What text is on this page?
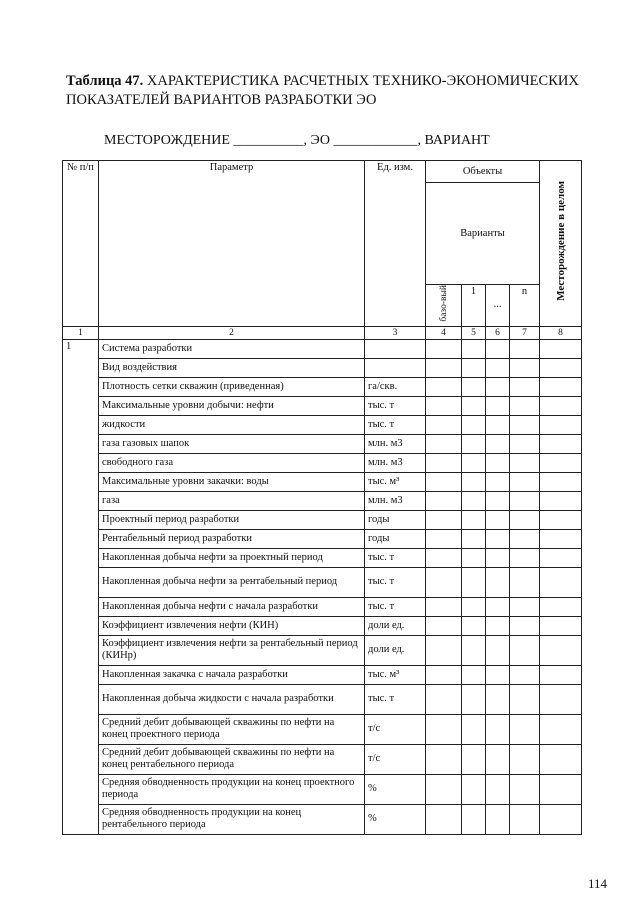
Таблица 47. ХАРАКТЕРИСТИКА РАСЧЕТНЫХ ТЕХНИКО-ЭКОНОМИЧЕСКИХ ПОКАЗАТЕЛЕЙ ВАРИАНТОВ РАЗРАБОТКИ ЭО
МЕСТОРОЖДЕНИЕ __________, ЭО ____________, ВАРИАНТ
№ п/п	Параметр	Ед. изм.	Объекты				Месторождение в целом
			Варианты				
			базо-вый	1	...	n	
1	2	3	4	5	6	7	8
1	Система разработки						
	Вид воздействия						
	Плотность сетки скважин (приведенная)	га/скв.					
	Максимальные уровни добычи: нефти	тыс. т					
	жидкости	тыс. т					
	газа газовых шапок	млн. м3					
	свободного газа	млн. м3					
	Максимальные уровни закачки: воды	тыс. м³					
	газа	млн. м3					
	Проектный период разработки	годы					
	Рентабельный период разработки	годы					
	Накопленная добыча нефти за проектный период	тыс. т					
	Накопленная добыча нефти за рентабельный период	тыс. т					
	Накопленная добыча нефти с начала разработки	тыс. т					
	Коэффициент извлечения нефти (КИН)	доли ед.					
	Коэффициент извлечения нефти за рентабельный период (КИНр)	доли ед.					
	Накопленная закачка с начала разработки	тыс. м³					
	Накопленная добыча жидкости с начала разработки	тыс. т					
	Средний дебит добывающей скважины по нефти на конец проектного периода	т/с					
	Средний дебит добывающей скважины по нефти на конец рентабельного периода	т/с					
	Средняя обводненность продукции на конец проектного периода	%					
	Средняя обводненность продукции на конец рентабельного периода	%					
114
